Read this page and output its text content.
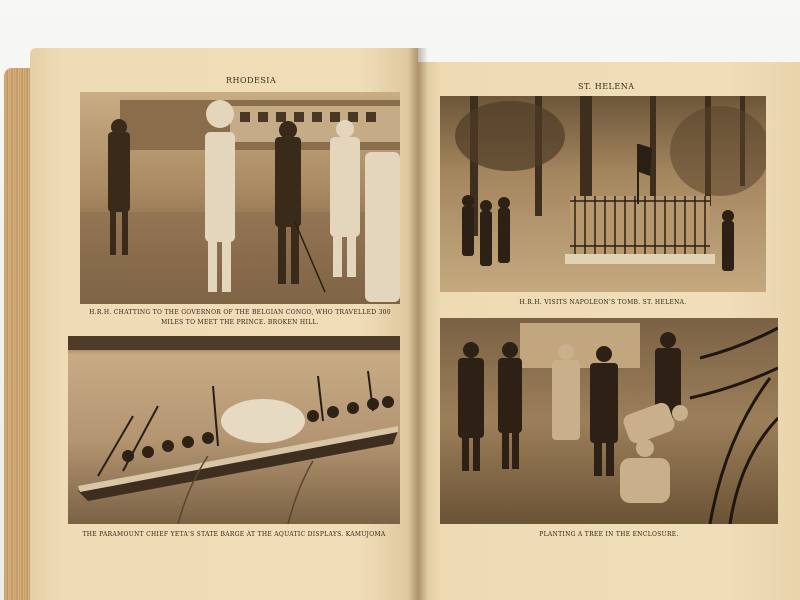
RHODESIA
H.R.H. CHATTING TO THE GOVERNOR OF THE BELGIAN CONGO, WHO TRAVELLED 300 MILES TO MEET THE PRINCE. BROKEN HILL.
THE PARAMOUNT CHIEF YETA'S STATE BARGE AT THE AQUATIC DISPLAYS. KAMUJOMA
ST. HELENA
H.R.H. VISITS NAPOLEON'S TOMB. ST. HELENA.
PLANTING A TREE IN THE ENCLOSURE.
